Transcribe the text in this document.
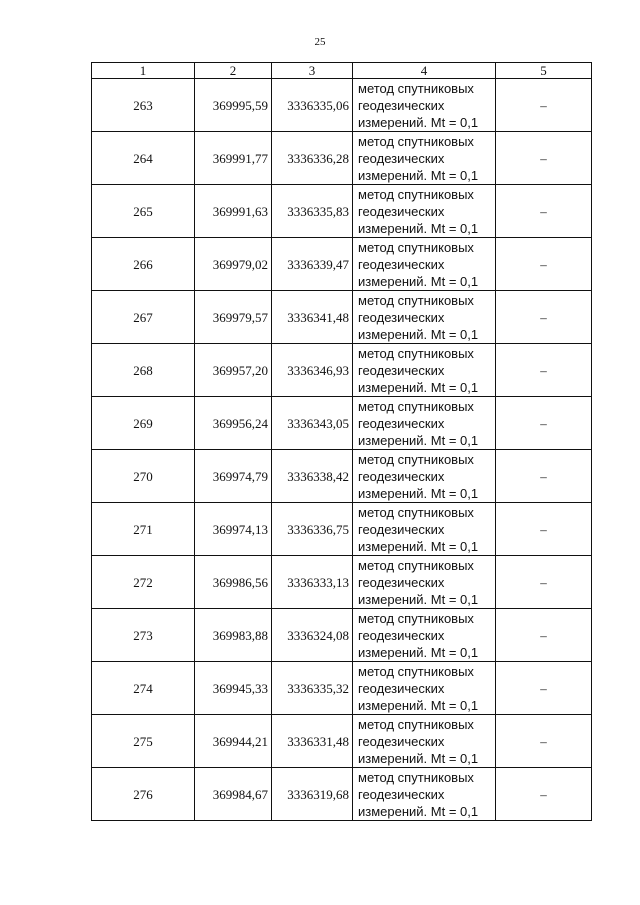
25
1	2	3	4	5
263	369995,59	3336335,06	метод спутниковых
геодезических
измерений. Mt = 0,1	–
264	369991,77	3336336,28	метод спутниковых
геодезических
измерений. Mt = 0,1	–
265	369991,63	3336335,83	метод спутниковых
геодезических
измерений. Mt = 0,1	–
266	369979,02	3336339,47	метод спутниковых
геодезических
измерений. Mt = 0,1	–
267	369979,57	3336341,48	метод спутниковых
геодезических
измерений. Mt = 0,1	–
268	369957,20	3336346,93	метод спутниковых
геодезических
измерений. Mt = 0,1	–
269	369956,24	3336343,05	метод спутниковых
геодезических
измерений. Mt = 0,1	–
270	369974,79	3336338,42	метод спутниковых
геодезических
измерений. Mt = 0,1	–
271	369974,13	3336336,75	метод спутниковых
геодезических
измерений. Mt = 0,1	–
272	369986,56	3336333,13	метод спутниковых
геодезических
измерений. Mt = 0,1	–
273	369983,88	3336324,08	метод спутниковых
геодезических
измерений. Mt = 0,1	–
274	369945,33	3336335,32	метод спутниковых
геодезических
измерений. Mt = 0,1	–
275	369944,21	3336331,48	метод спутниковых
геодезических
измерений. Mt = 0,1	–
276	369984,67	3336319,68	метод спутниковых
геодезических
измерений. Mt = 0,1	–
